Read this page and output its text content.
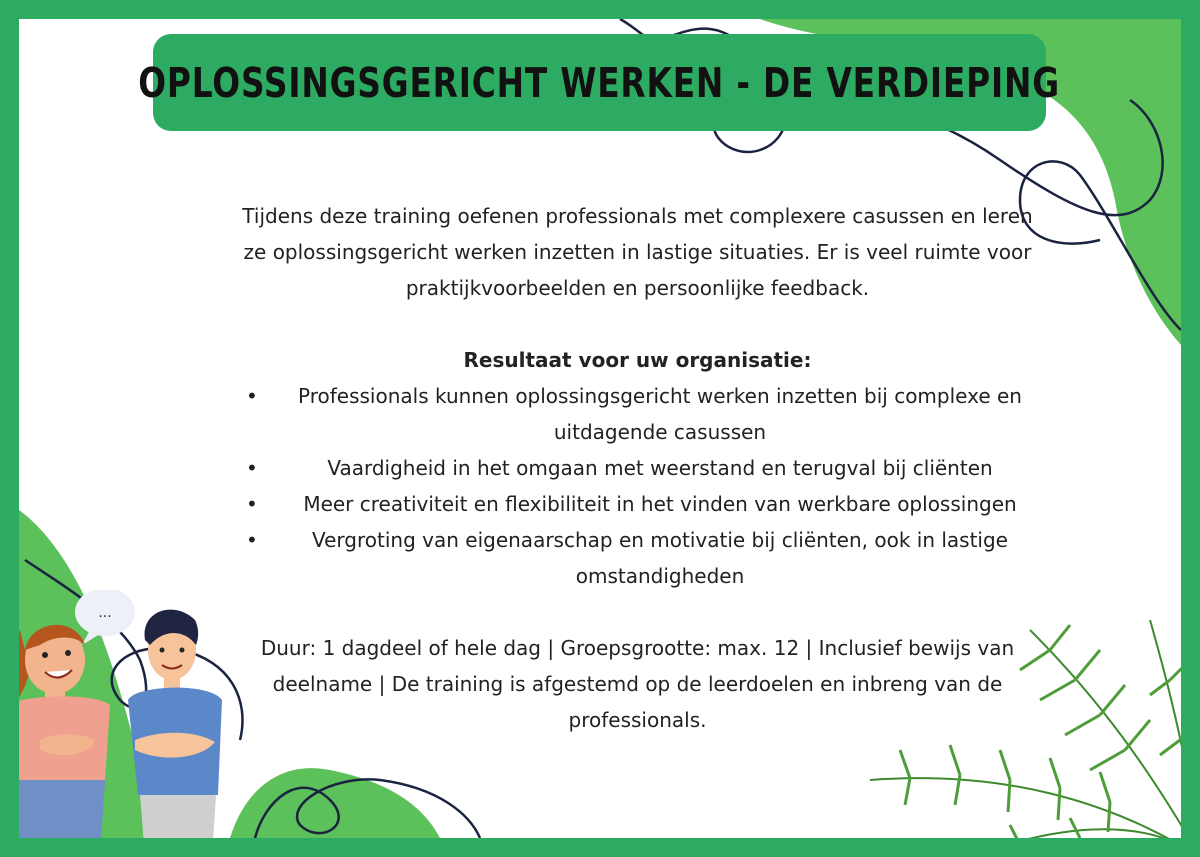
OPLOSSINGSGERICHT WERKEN - DE VERDIEPING

Tijdens deze training oefenen professionals met complexere casussen en leren ze oplossingsgericht werken inzetten in lastige situaties. Er is veel ruimte voor praktijkvoorbeelden en persoonlijke feedback.

Resultaat voor uw organisatie:

• Professionals kunnen oplossingsgericht werken inzetten bij complexe en uitdagende casussen
•	Vaardigheid in het omgaan met weerstand en terugval bij cliënten
• Meer creativiteit en flexibiliteit in het vinden van werkbare oplossingen
•	Vergroting van eigenaarschap en motivatie bij cliënten, ook in lastige omstandigheden

Duur: 1 dagdeel of hele dag | Groepsgrootte: max. 12 | Inclusief bewijs van deelname | De training is afgestemd op de leerdoelen en inbreng van de professionals.

...
